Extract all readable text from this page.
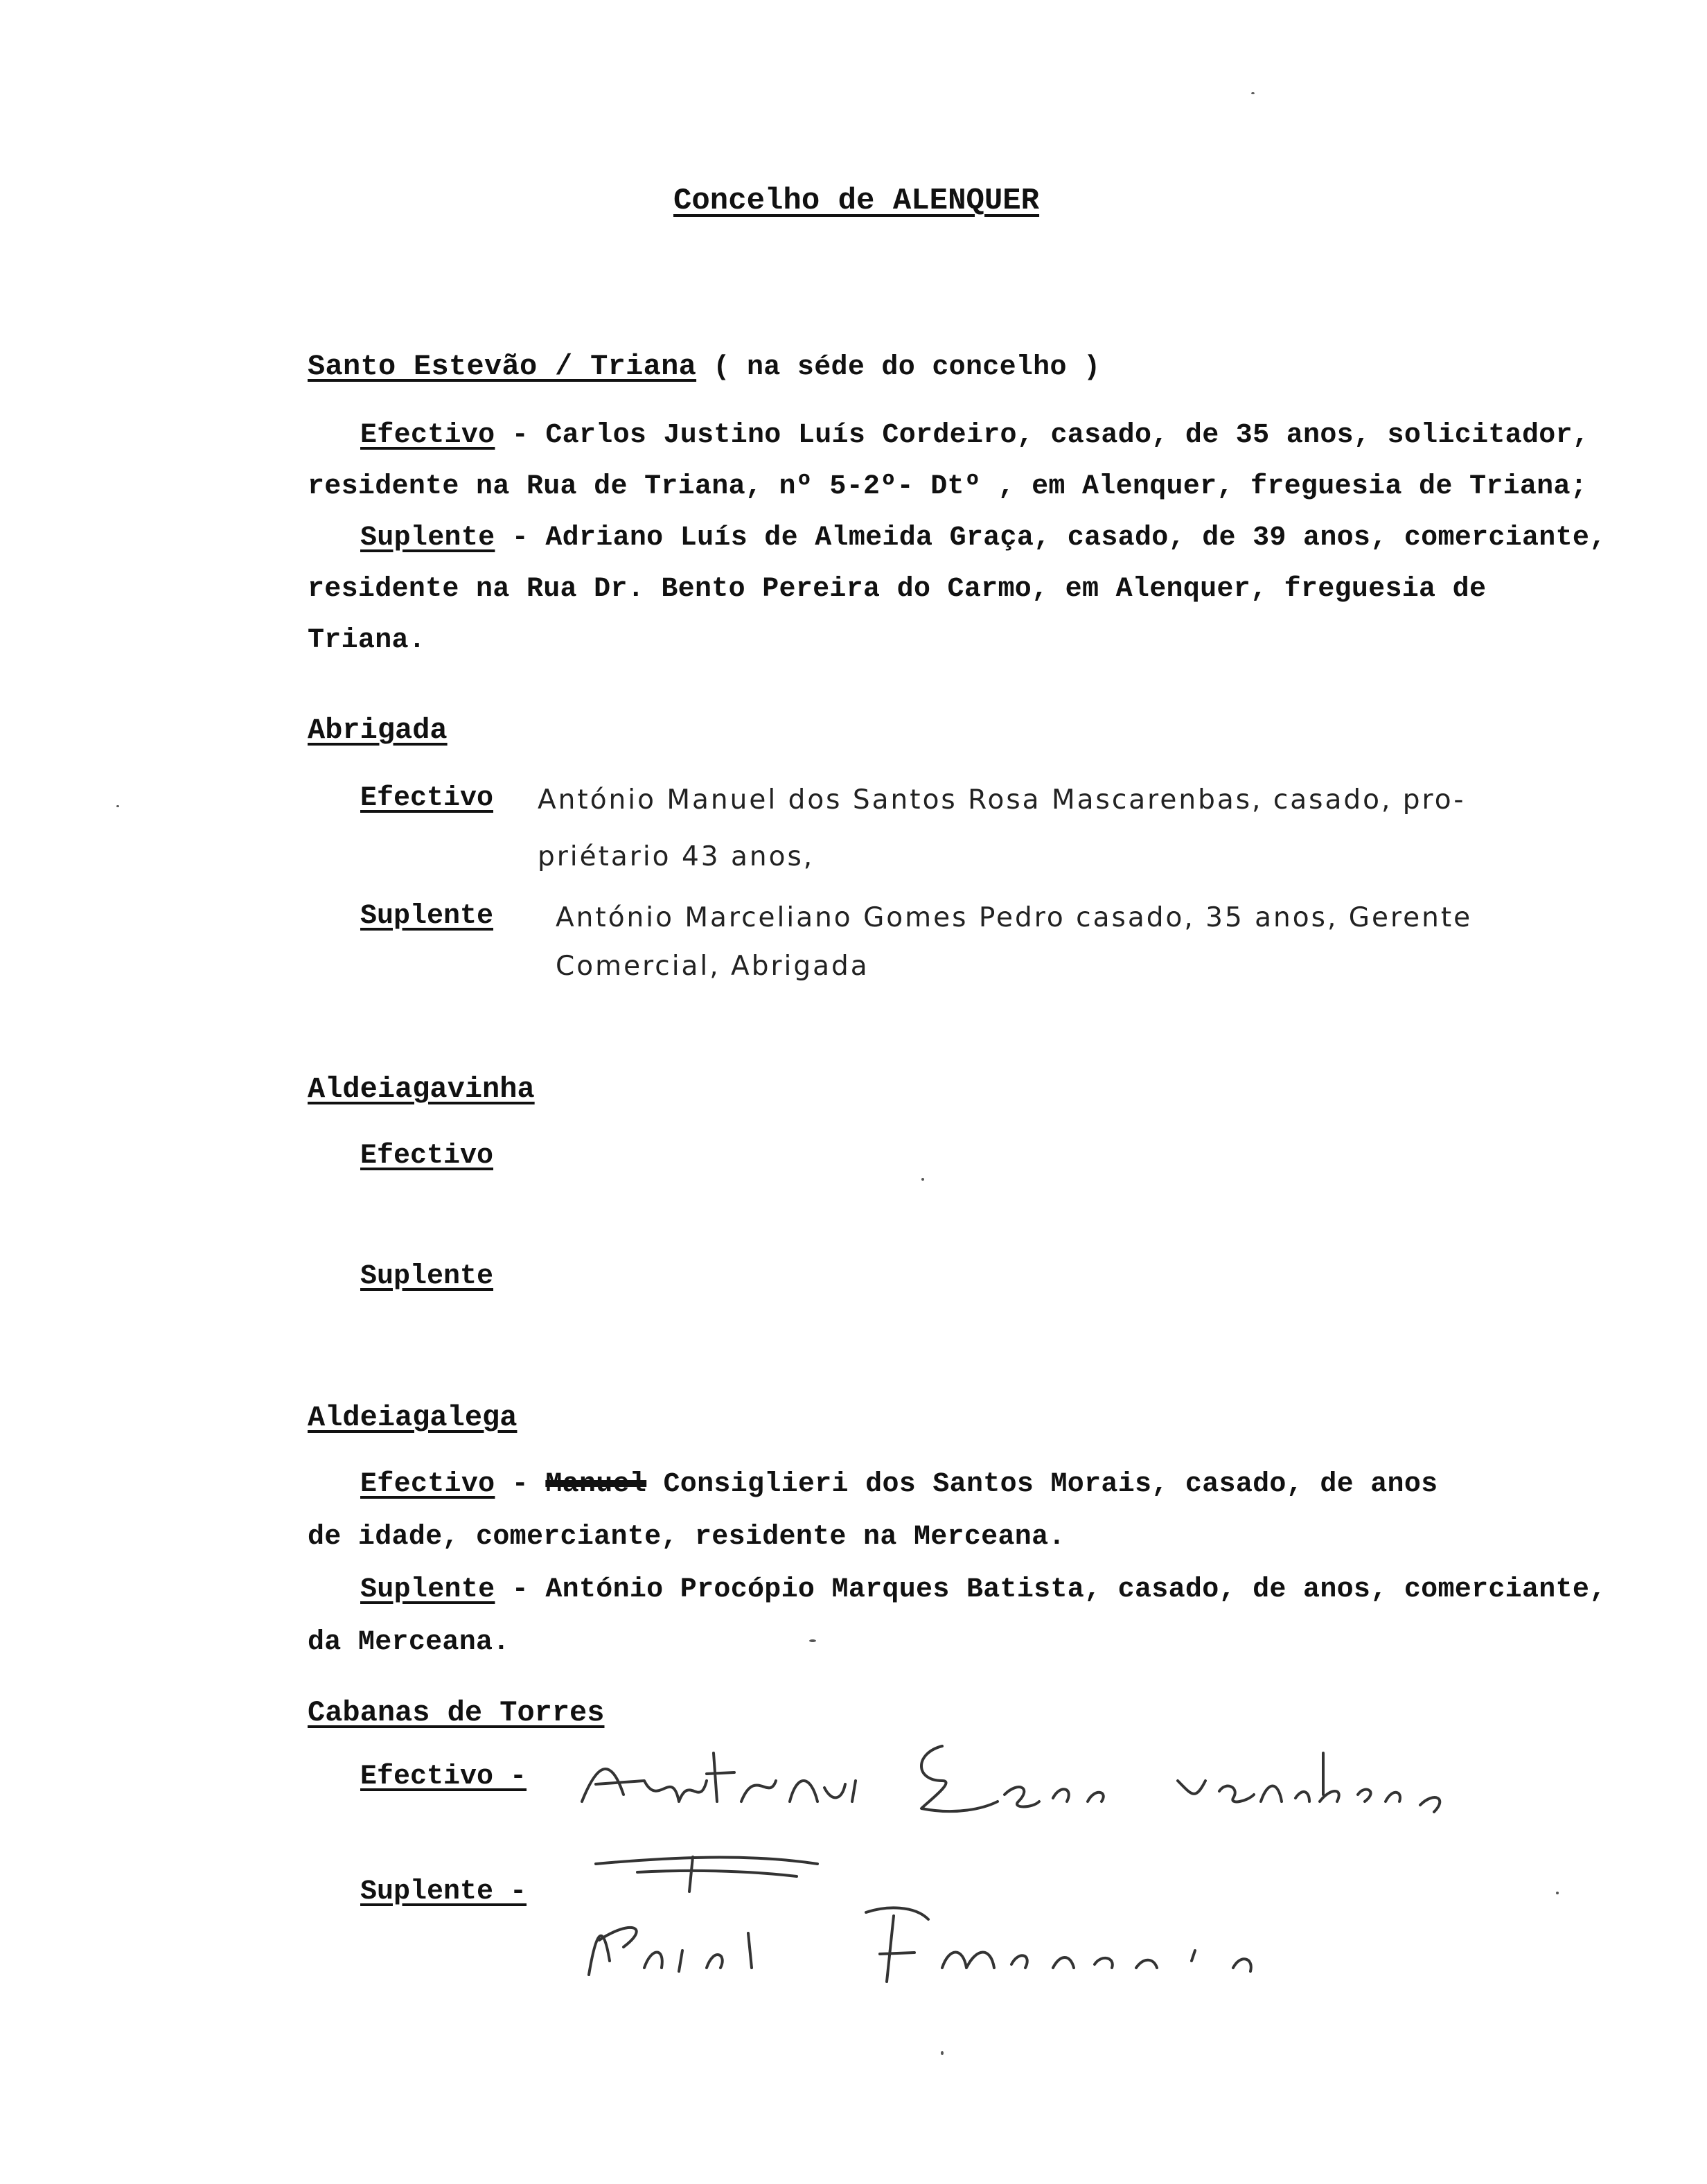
Concelho de ALENQUER
Santo Estevão / Triana ( na séde do concelho )
Efectivo - Carlos Justino Luís Cordeiro, casado, de 35 anos, solicitador,
residente na Rua de Triana, nº 5-2º- Dtº , em Alenquer, freguesia de Triana;
Suplente - Adriano Luís de Almeida Graça, casado, de 39 anos, comerciante,
residente na Rua Dr. Bento Pereira do Carmo, em Alenquer, freguesia de
Triana.
Abrigada
Efectivo António Manuel dos Santos Rosa Mascarenbas, casado, pro-
priétario 43 anos,
Suplente António Marceliano Gomes Pedro casado, 35 anos, Gerente
Comercial, Abrigada
Aldeiagavinha
Efectivo
Suplente
Aldeiagalega
Efectivo - Manuel Consiglieri dos Santos Morais, casado, de anos
de idade, comerciante, residente na Merceana.
Suplente - António Procópio Marques Batista, casado, de anos, comerciante,
da Merceana.
Cabanas de Torres
Efectivo -
Suplente -
